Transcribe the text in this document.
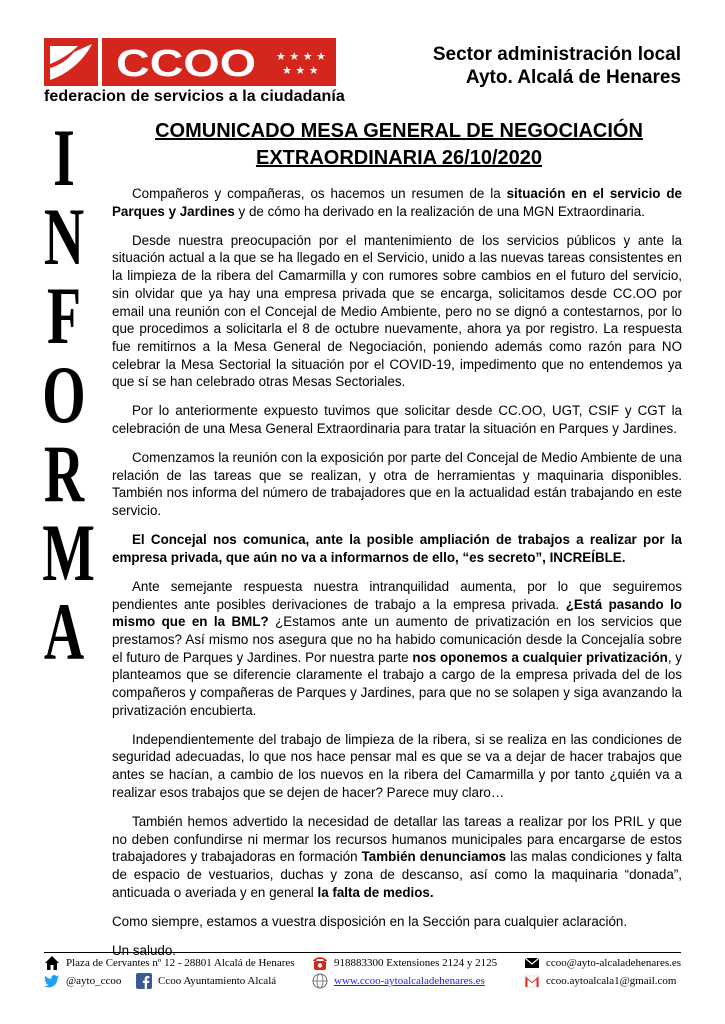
CCOO ★ ★ ★ ★
★ ★ ★
federacion de servicios a la ciudadanía
Sector administración local
Ayto. Alcalá de Henares
I
N
F
O
R
M
A
COMUNICADO MESA GENERAL DE NEGOCIACIÓN
EXTRAORDINARIA 26/10/2020

Compañeros y compañeras, os hacemos un resumen de la situación en el servicio de Parques y Jardines y de cómo ha derivado en la realización de una MGN Extraordinaria.

Desde nuestra preocupación por el mantenimiento de los servicios públicos y ante la situación actual a la que se ha llegado en el Servicio, unido a las nuevas tareas consistentes en la limpieza de la ribera del Camarmilla y con rumores sobre cambios en el futuro del servicio, sin olvidar que ya hay una empresa privada que se encarga, solicitamos desde CC.OO por email una reunión con el Concejal de Medio Ambiente, pero no se dignó a contestarnos, por lo que procedimos a solicitarla el 8 de octubre nuevamente, ahora ya por registro. La respuesta fue remitirnos a la Mesa General de Negociación, poniendo además como razón para NO celebrar la Mesa Sectorial la situación por el COVID-19, impedimento que no entendemos ya que sí se han celebrado otras Mesas Sectoriales.

Por lo anteriormente expuesto tuvimos que solicitar desde CC.OO, UGT, CSIF y CGT la celebración de una Mesa General Extraordinaria para tratar la situación en Parques y Jardines.

Comenzamos la reunión con la exposición por parte del Concejal de Medio Ambiente de una relación de las tareas que se realizan, y otra de herramientas y maquinaria disponibles. También nos informa del número de trabajadores que en la actualidad están trabajando en este servicio.

El Concejal nos comunica, ante la posible ampliación de trabajos a realizar por la empresa privada, que aún no va a informarnos de ello, “es secreto”, INCREÍBLE.

Ante semejante respuesta nuestra intranquilidad aumenta, por lo que seguiremos pendientes ante posibles derivaciones de trabajo a la empresa privada. ¿Está pasando lo mismo que en la BML? ¿Estamos ante un aumento de privatización en los servicios que prestamos? Así mismo nos asegura que no ha habido comunicación desde la Concejalía sobre el futuro de Parques y Jardines. Por nuestra parte nos oponemos a cualquier privatización, y planteamos que se diferencie claramente el trabajo a cargo de la empresa privada del de los compañeros y compañeras de Parques y Jardines, para que no se solapen y siga avanzando la privatización encubierta.

Independientemente del trabajo de limpieza de la ribera, si se realiza en las condiciones de seguridad adecuadas, lo que nos hace pensar mal es que se va a dejar de hacer trabajos que antes se hacían, a cambio de los nuevos en la ribera del Camarmilla y por tanto ¿quién va a realizar esos trabajos que se dejen de hacer? Parece muy claro…

También hemos advertido la necesidad de detallar las tareas a realizar por los PRIL y que no deben confundirse ni mermar los recursos humanos municipales para encargarse de estos trabajadores y trabajadoras en formación También denunciamos las malas condiciones y falta de espacio de vestuarios, duchas y zona de descanso, así como la maquinaria “donada”, anticuada o averiada y en general la falta de medios.

Como siempre, estamos a vuestra disposición en la Sección para cualquier aclaración.

Un saludo.

Plaza de Cervantes nº 12 - 28801 Alcalá de Henares	918883300 Extensiones 2124 y 2125	ccoo@ayto-alcaladehenares.es
@ayto_ccoo	Ccoo Ayuntamiento Alcalá	www.ccoo-aytoalcaladehenares.es	ccoo.aytoalcala1@gmail.com
